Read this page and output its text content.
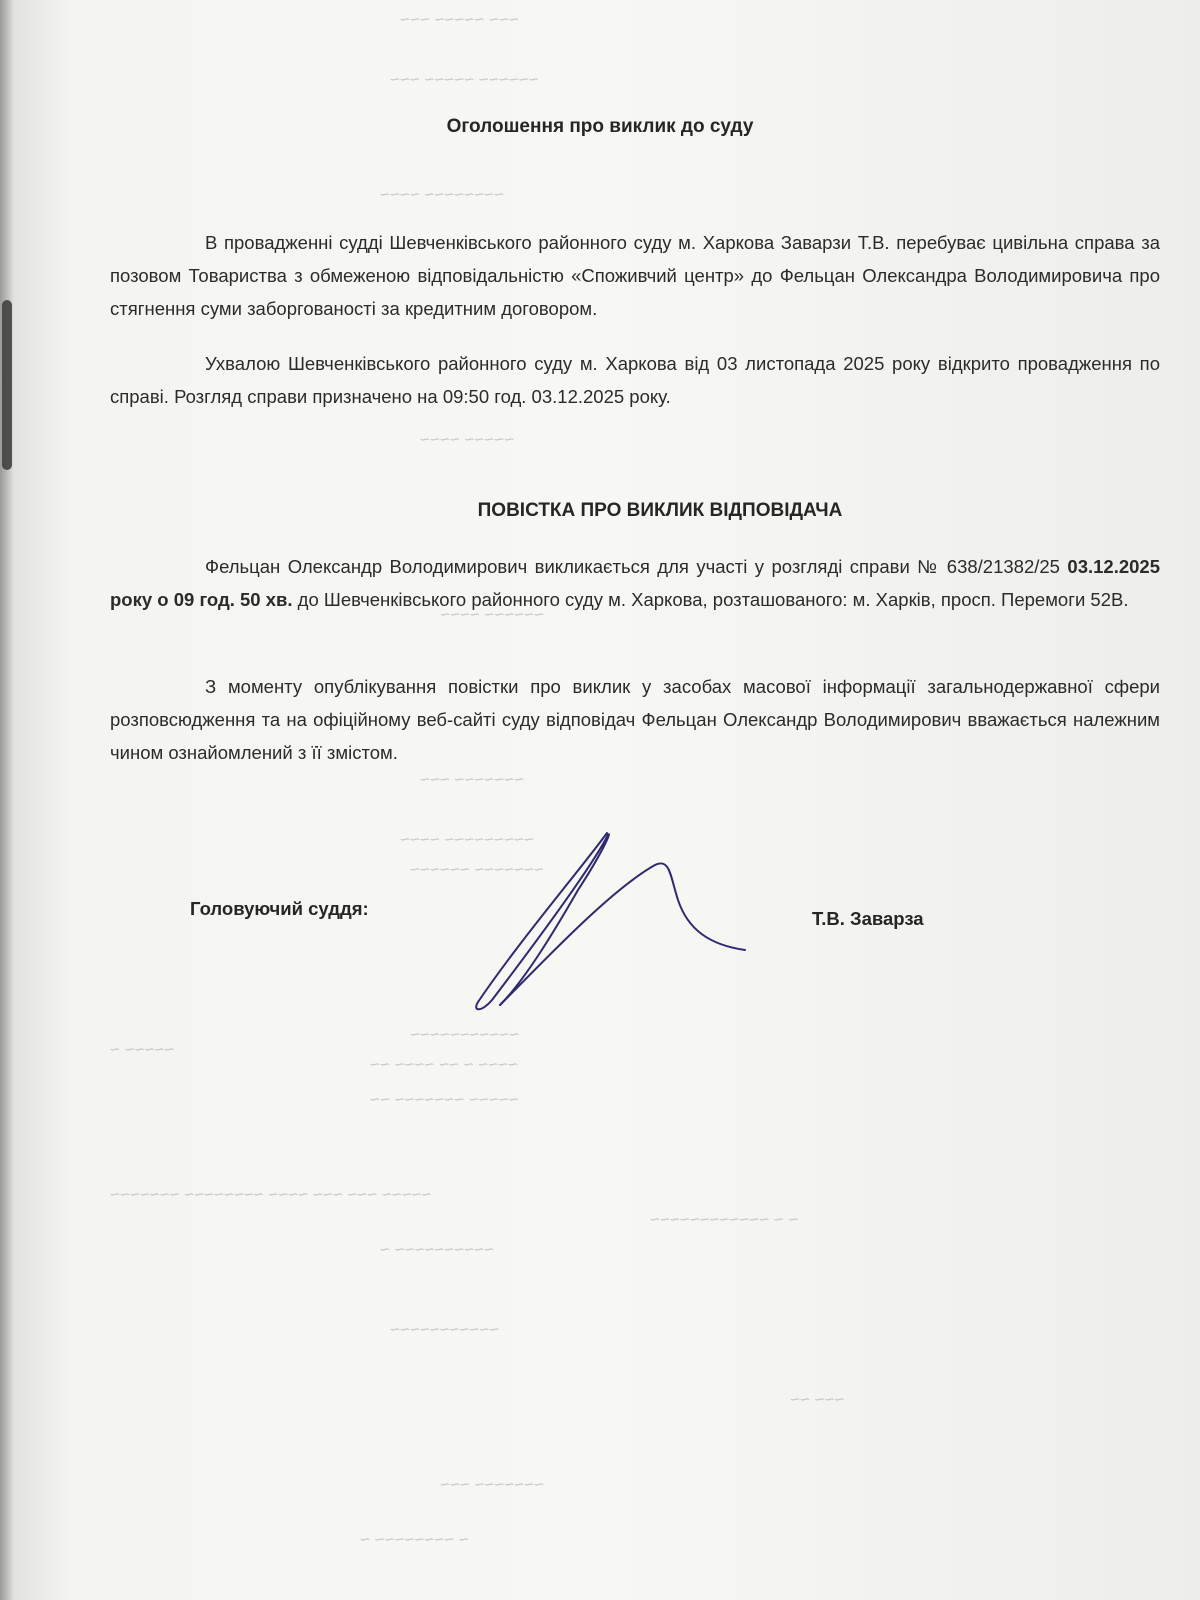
~~~ ~~~~~ ~~~
~~~~~~ ~~~~~ ~~~
~~~~~~~~ ~~~~
~~~~~ ~~~~
~~~~~~ ~~~~
~~~~~~~ ~~~
~~~~~~~~~ ~~~~
~~~~~~~ ~~~~~~
~~~~~~~~~~~
~~~~ ~ ~~ ~~~~ ~~
~~~~~ ~~~~~~~ ~~
~~~~~ ~
~~~~~ ~~~ ~~~ ~~~~ ~~~~~~~~ ~~~~~~~
~ ~ ~~~~~~~~~~~~
~~~~~~~~~~ ~
~~~~~~~~~~~
~~~ ~~
~~~~~~~ ~~~
~ ~~~~~~~~ ~
Оголошення про виклик до суду
В провадженні судді Шевченківського районного суду м. Харкова Заварзи Т.В. перебуває цивільна справа за позовом Товариства з обмеженою відповідальністю «Споживчий центр» до Фельцан Олександра Володимировича про стягнення суми заборгованості за кредитним договором.
Ухвалою Шевченківського районного суду м. Харкова від 03 листопада 2025 року відкрито провадження по справі. Розгляд справи призначено на 09:50 год. 03.12.2025 року.
ПОВІСТКА ПРО ВИКЛИК ВІДПОВІДАЧА
Фельцан Олександр Володимирович викликається для участі у розгляді справи № 638/21382/25 03.12.2025 року о 09 год. 50 хв. до Шевченківського районного суду м. Харкова, розташованого: м. Харків, просп. Перемоги 52В.
З моменту опублікування повістки про виклик у засобах масової інформації загальнодержавної сфери розповсюдження та на офіційному веб-сайті суду відповідач Фельцан Олександр Володимирович вважається належним чином ознайомлений з її змістом.
Головуючий суддя:	Т.В. Заварза
